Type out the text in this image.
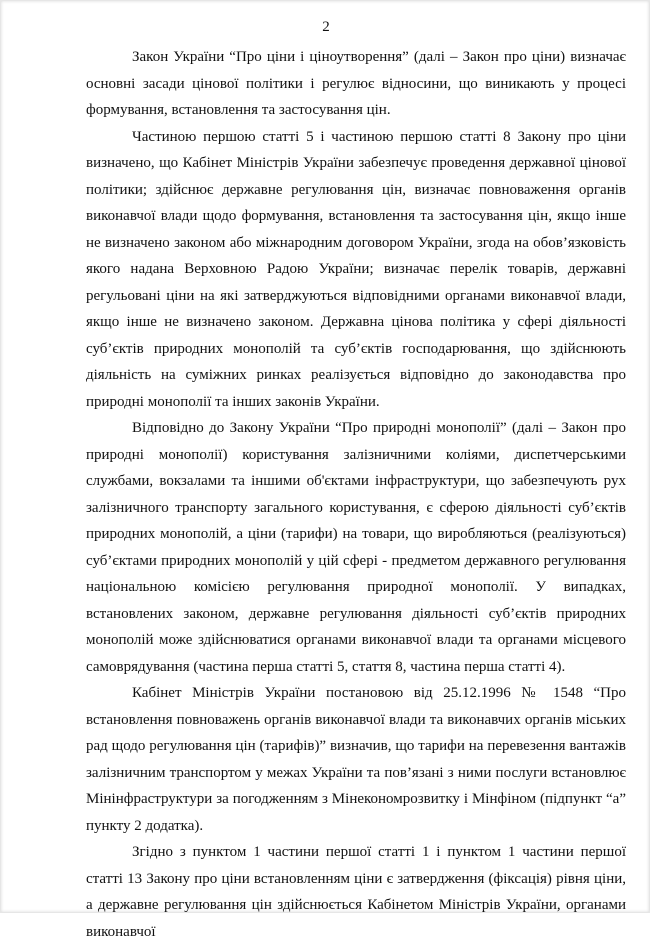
2

Закон України “Про ціни і ціноутворення” (далі – Закон про ціни) визначає основні засади цінової політики і регулює відносини, що виникають у процесі формування, встановлення та застосування цін.

Частиною першою статті 5 і частиною першою статті 8 Закону про ціни визначено, що Кабінет Міністрів України забезпечує проведення державної цінової політики; здійснює державне регулювання цін, визначає повноваження органів виконавчої влади щодо формування, встановлення та застосування цін, якщо інше не визначено законом або міжнародним договором України, згода на обов’язковість якого надана Верховною Радою України; визначає перелік товарів, державні регульовані ціни на які затверджуються відповідними органами виконавчої влади, якщо інше не визначено законом. Державна цінова політика у сфері діяльності суб’єктів природних монополій та суб’єктів господарювання, що здійснюють діяльність на суміжних ринках реалізується відповідно до законодавства про природні монополії та інших законів України.

Відповідно до Закону України “Про природні монополії” (далі – Закон про природні монополії) користування залізничними коліями, диспетчерськими службами, вокзалами та іншими об'єктами інфраструктури, що забезпечують рух залізничного транспорту загального користування, є сферою діяльності суб’єктів природних монополій, а ціни (тарифи) на товари, що виробляються (реалізуються) суб’єктами природних монополій у цій сфері - предметом державного регулювання національною комісією регулювання природної монополії. У випадках, встановлених законом, державне регулювання діяльності суб’єктів природних монополій може здійснюватися органами виконавчої влади та органами місцевого самоврядування (частина перша статті 5, стаття 8, частина перша статті 4).

Кабінет Міністрів України постановою від 25.12.1996 № 1548 “Про встановлення повноважень органів виконавчої влади та виконавчих органів міських рад щодо регулювання цін (тарифів)” визначив, що тарифи на перевезення вантажів залізничним транспортом у межах України та пов’язані з ними послуги встановлює Мінінфраструктури за погодженням з Мінекономрозвитку і Мінфіном (підпункт “а” пункту 2 додатка).

Згідно з пунктом 1 частини першої статті 1 і пунктом 1 частини першої статті 13 Закону про ціни встановленням ціни є затвердження (фіксація) рівня ціни, а державне регулювання цін здійснюється Кабінетом Міністрів України, органами виконавчої
